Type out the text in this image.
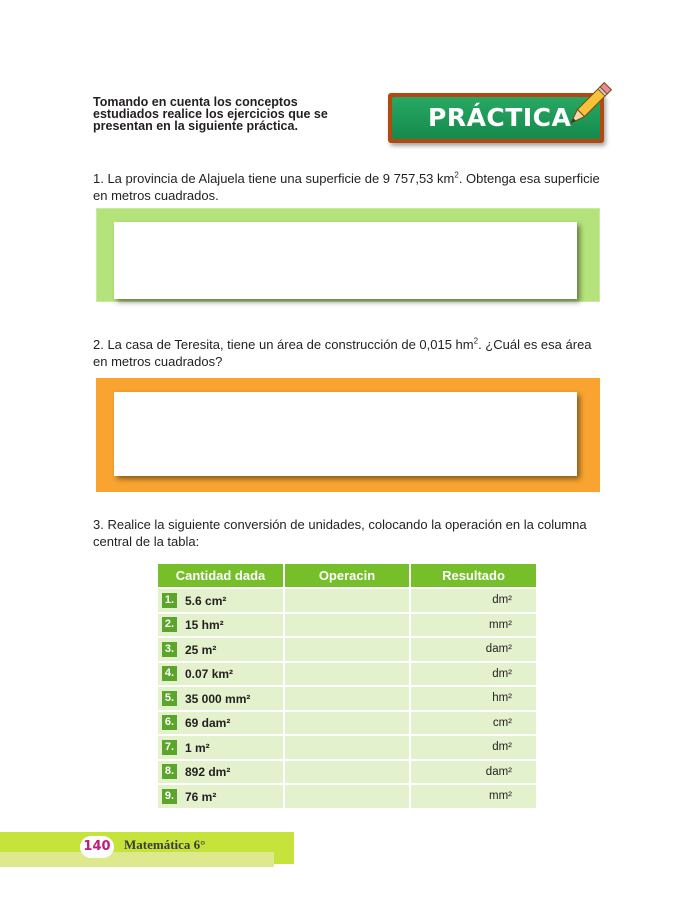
Tomando en cuenta los conceptos
estudiados realice los ejercicios que se
presentan en la siguiente práctica.	PRÁCTICA
1. La provincia de Alajuela tiene una superficie de 9 757,53 $km^2$. Obtenga esa superficie
en metros cuadrados.
2. La casa de Teresita, tiene un área de construcción de 0,015 $hm^2$. ¿Cuál es esa área
en metros cuadrados?
3. Realice la siguiente conversión de unidades, colocando la operación en la columna
central de la tabla:
Cantidad dada	Operacin	Resultado
1. 5.6 cm²		dm²
2. 15 hm²		mm²
3. 25 m²		dam²
4. 0.07 km²		dm²
5. 35 000 mm²		hm²
6. 69 dam²		cm²
7. 1 m²		dm²
8. 892 dm²		dam²
9. 76 m²		mm²
140 Matemática 6°
